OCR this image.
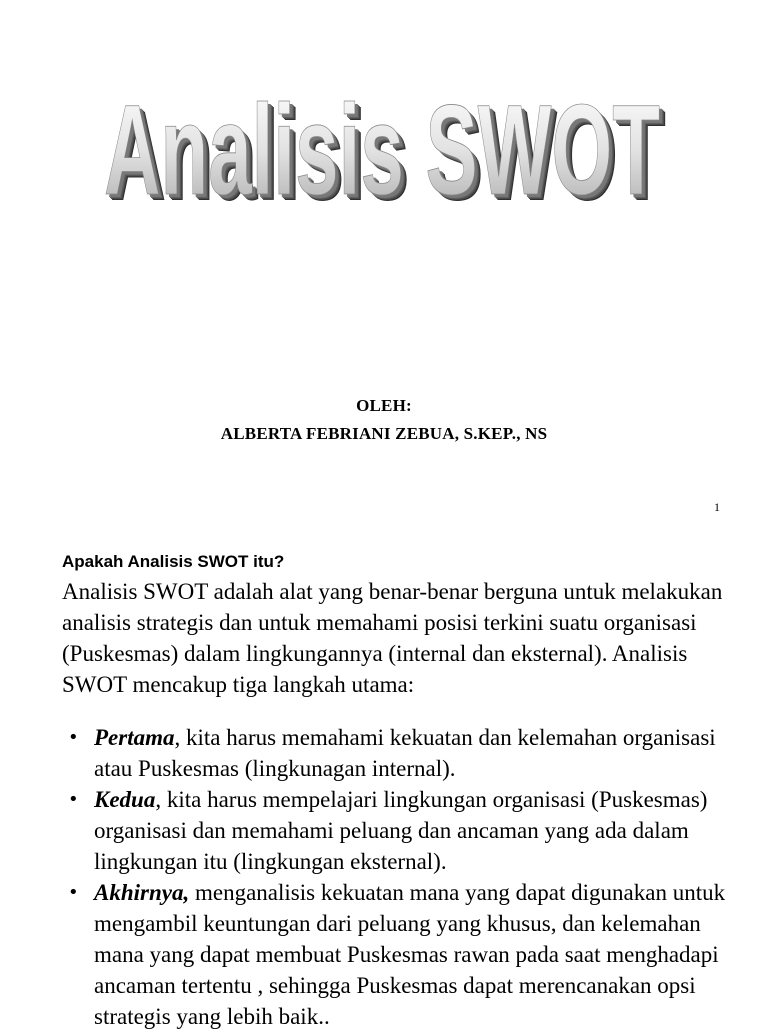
Analisis SWOT
Analisis SWOT
Analisis SWOT
Analisis SWOT
Analisis SWOT
OLEH:
ALBERTA FEBRIANI ZEBUA, S.KEP., NS
1
Apakah Analisis SWOT itu?
Analisis SWOT adalah alat yang benar-benar berguna untuk melakukan analisis strategis dan untuk memahami posisi terkini suatu organisasi (Puskesmas) dalam lingkungannya (internal dan eksternal). Analisis SWOT mencakup tiga langkah utama:
• Pertama, kita harus memahami kekuatan dan kelemahan organisasi atau Puskesmas (lingkunagan internal).
• Kedua, kita harus mempelajari lingkungan organisasi (Puskesmas) organisasi dan memahami peluang dan ancaman yang ada dalam lingkungan itu (lingkungan eksternal).
• Akhirnya, menganalisis kekuatan mana yang dapat digunakan untuk mengambil keuntungan dari peluang yang khusus, dan kelemahan mana yang dapat membuat Puskesmas rawan pada saat menghadapi ancaman tertentu , sehingga Puskesmas dapat merencanakan opsi strategis yang lebih baik..
